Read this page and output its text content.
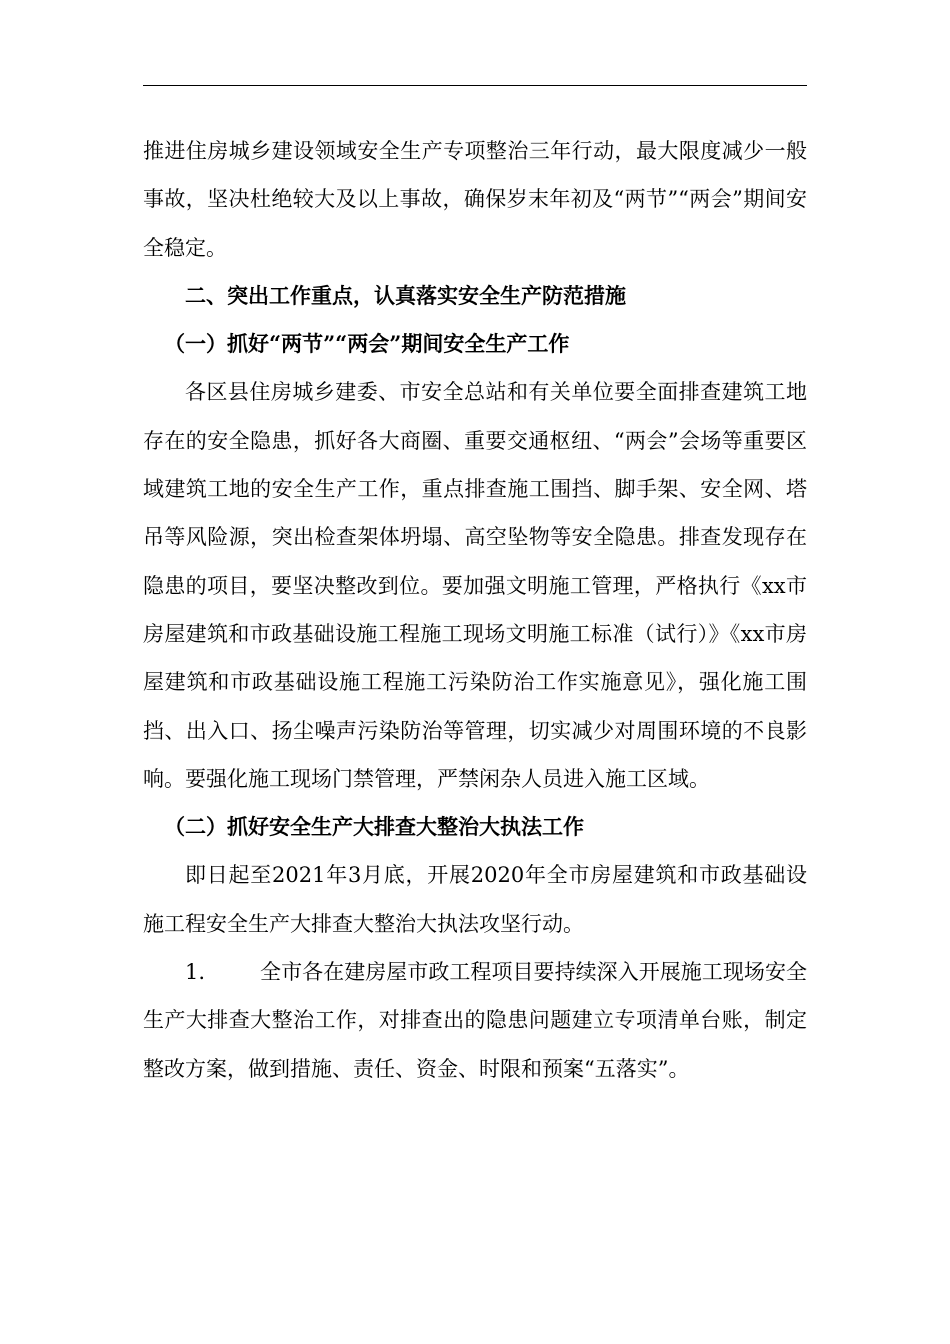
推进住房城乡建设领域安全生产专项整治三年行动，最大限度减少一般事故，坚决杜绝较大及以上事故，确保岁末年初及“两节”“两会”期间安全稳定。

二、突出工作重点，认真落实安全生产防范措施

（一）抓好“两节”“两会”期间安全生产工作

各区县住房城乡建委、市安全总站和有关单位要全面排查建筑工地存在的安全隐患，抓好各大商圈、重要交通枢纽、“两会”会场等重要区域建筑工地的安全生产工作，重点排查施工围挡、脚手架、安全网、塔吊等风险源，突出检查架体坍塌、高空坠物等安全隐患。排查发现存在隐患的项目，要坚决整改到位。要加强文明施工管理，严格执行《xx市房屋建筑和市政基础设施工程施工现场文明施工标准（试行）》《xx市房屋建筑和市政基础设施工程施工污染防治工作实施意见》，强化施工围挡、出入口、扬尘噪声污染防治等管理，切实减少对周围环境的不良影响。要强化施工现场门禁管理，严禁闲杂人员进入施工区域。

（二）抓好安全生产大排查大整治大执法工作

即日起至2021年3月底，开展2020年全市房屋建筑和市政基础设施工程安全生产大排查大整治大执法攻坚行动。

1.	全市各在建房屋市政工程项目要持续深入开展施工现场安全生产大排查大整治工作，对排查出的隐患问题建立专项清单台账，制定整改方案，做到措施、责任、资金、时限和预案“五落实”。
